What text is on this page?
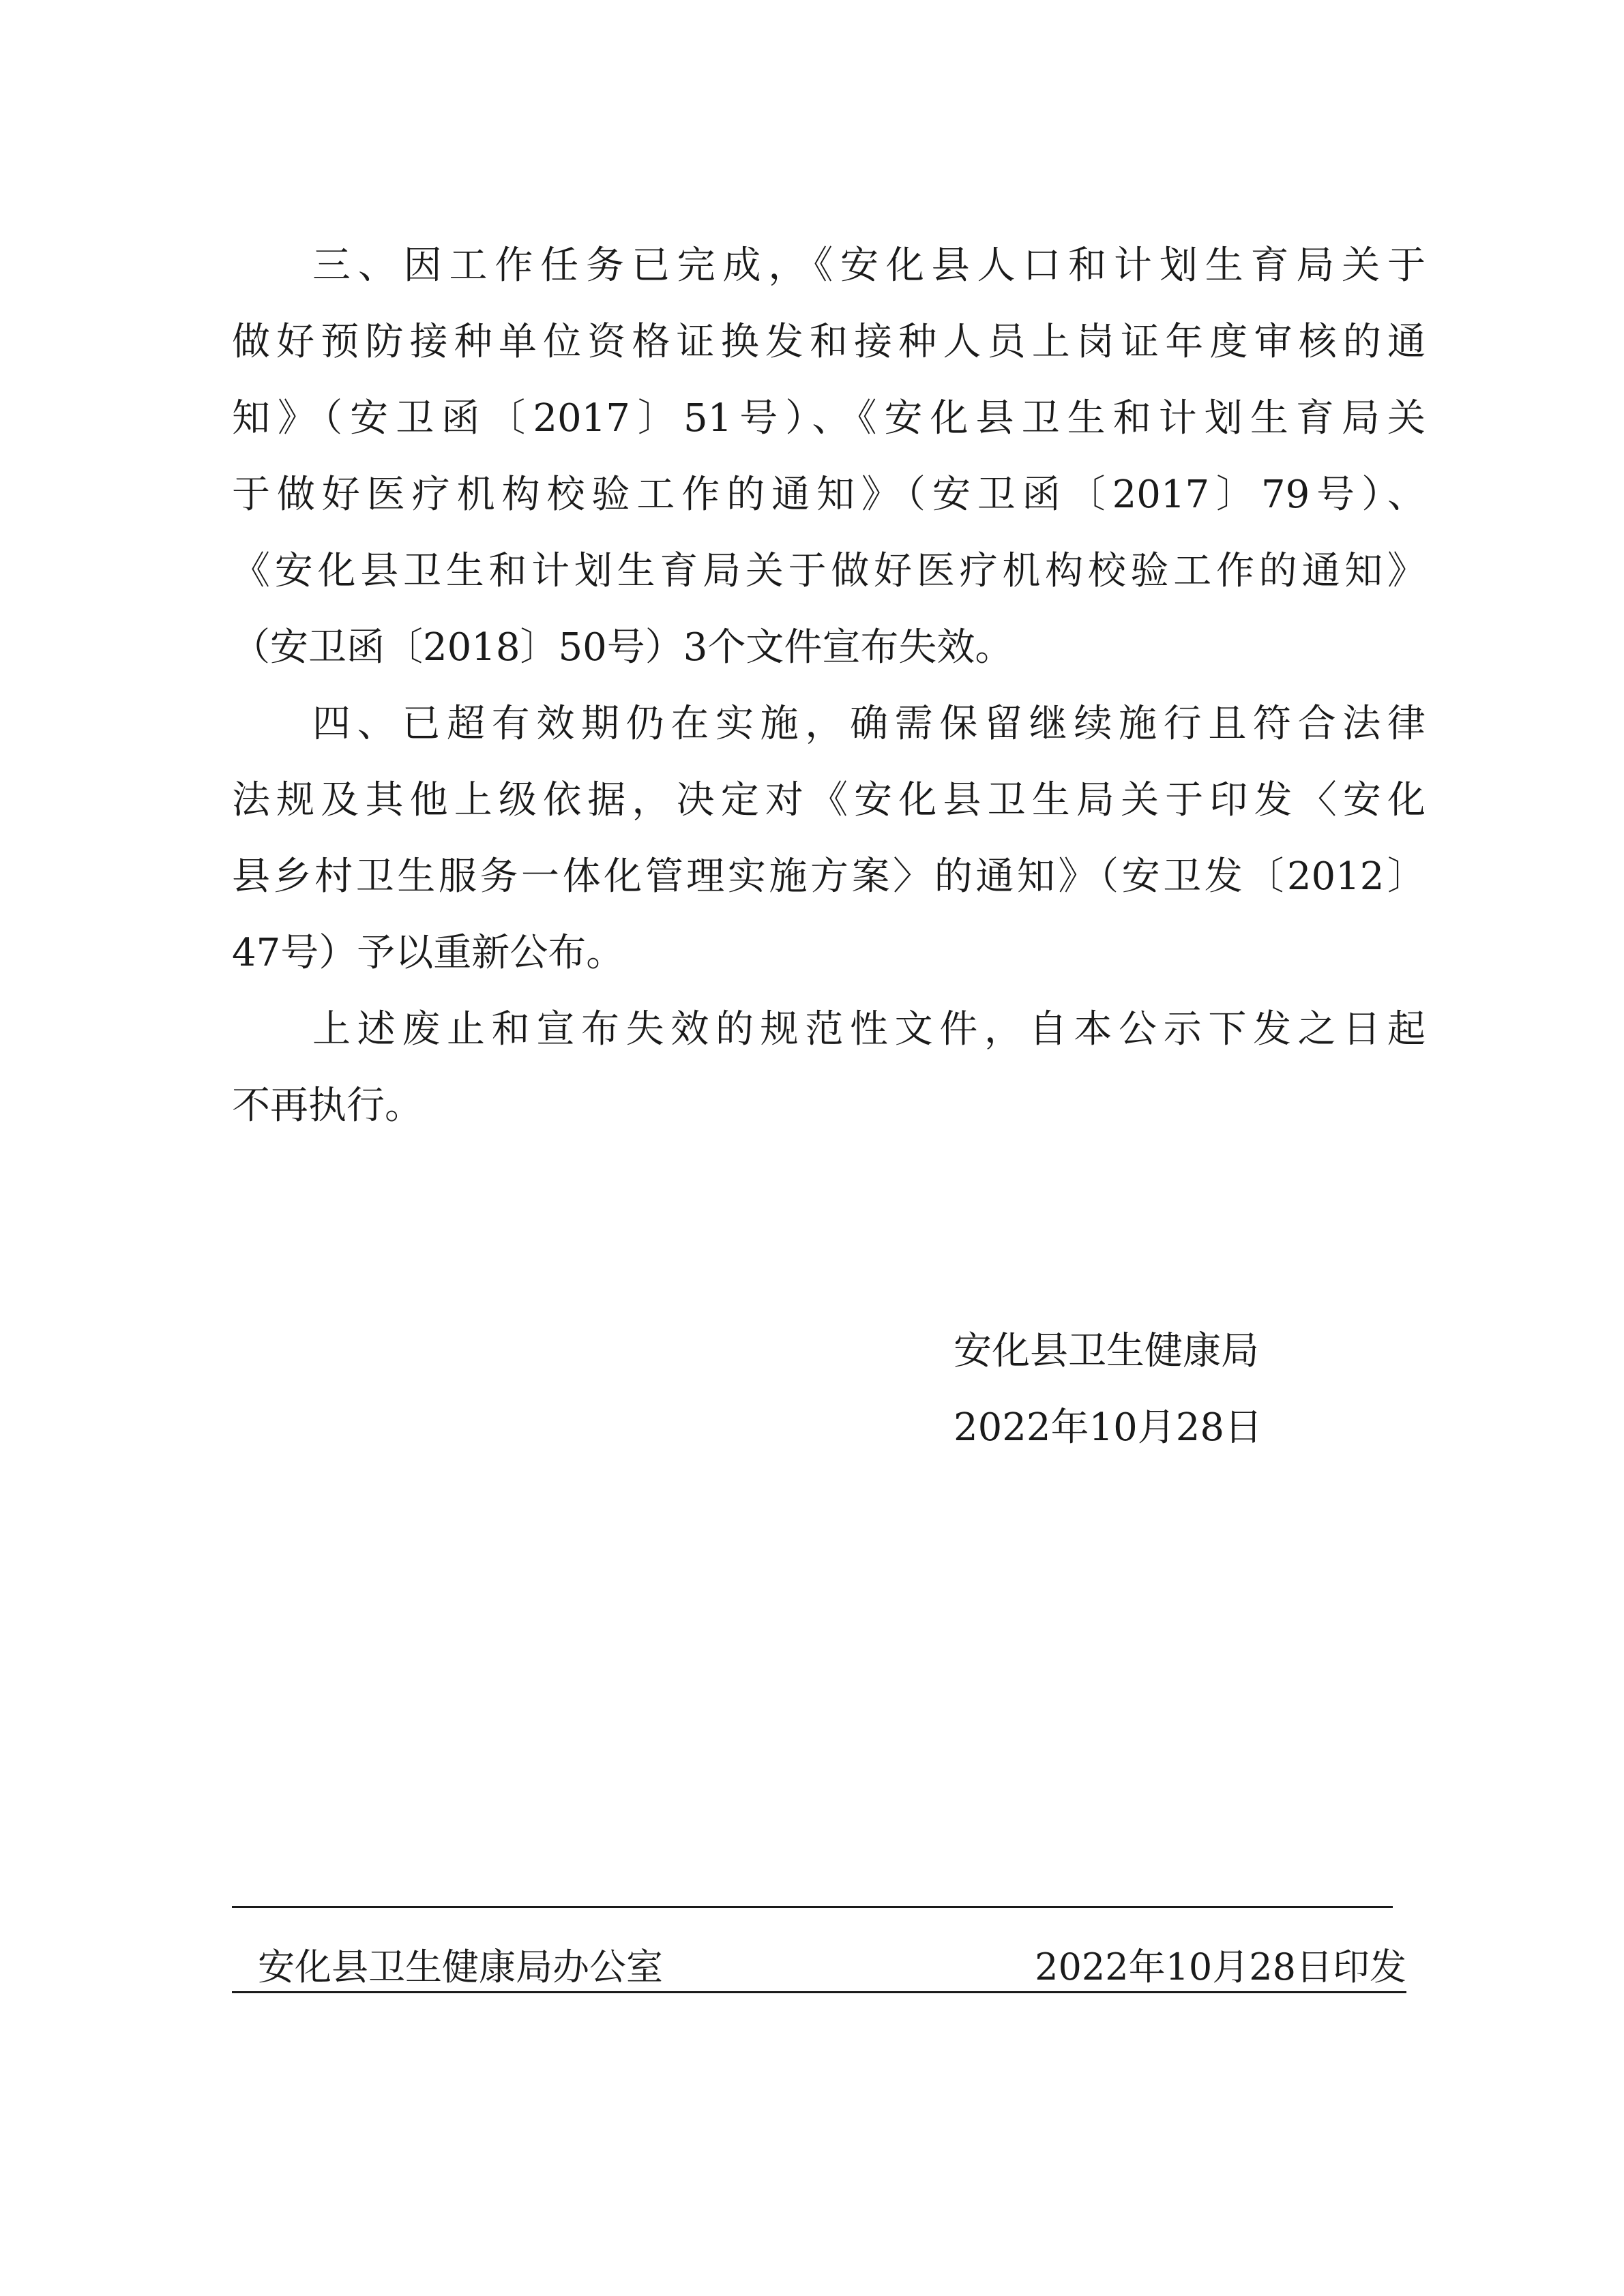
三、因工作任务已完成，《安化县人口和计划生育局关于
做好预防接种单位资格证换发和接种人员上岗证年度审核的通
知》（安卫函〔2017〕51号）、《安化县卫生和计划生育局关
于做好医疗机构校验工作的通知》（安卫函〔2017〕79号）、
《安化县卫生和计划生育局关于做好医疗机构校验工作的通知》
（安卫函〔2018〕50号）3个文件宣布失效。
四、已超有效期仍在实施，确需保留继续施行且符合法律
法规及其他上级依据，决定对《安化县卫生局关于印发〈安化
县乡村卫生服务一体化管理实施方案〉的通知》（安卫发〔2012〕
47号）予以重新公布。
上述废止和宣布失效的规范性文件，自本公示下发之日起
不再执行。
安化县卫生健康局
2022年10月28日
安化县卫生健康局办公室	2022年10月28日印发
